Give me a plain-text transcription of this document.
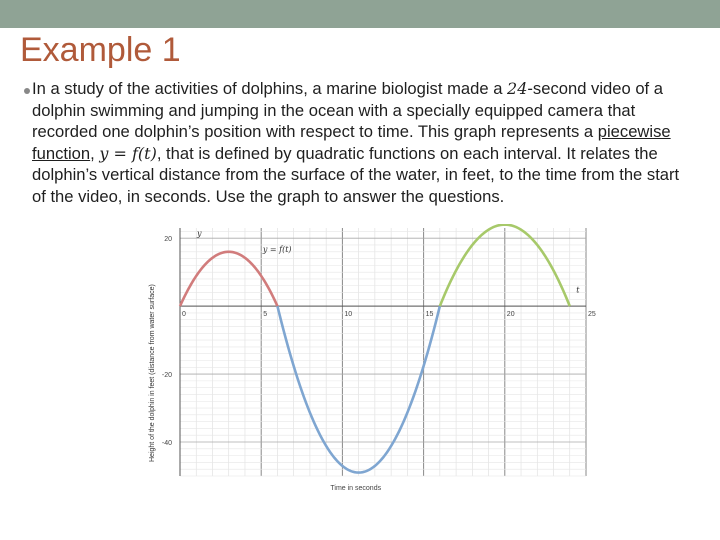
Example 1
In a study of the activities of dolphins, a marine biologist made a 24-second video of a dolphin swimming and jumping in the ocean with a specially equipped camera that recorded one dolphin’s position with respect to time. This graph represents a piecewise function, y = f(t), that is defined by quadratic functions on each interval. It relates the dolphin’s vertical distance from the surface of the water, in feet, to the time from the start of the video, in seconds. Use the graph to answer the questions.
0	5	10	15	20	25
20
-20
-40
Height of the dolphin in feet (distance from water surface)
Time in seconds
y
t
y = f(t)
